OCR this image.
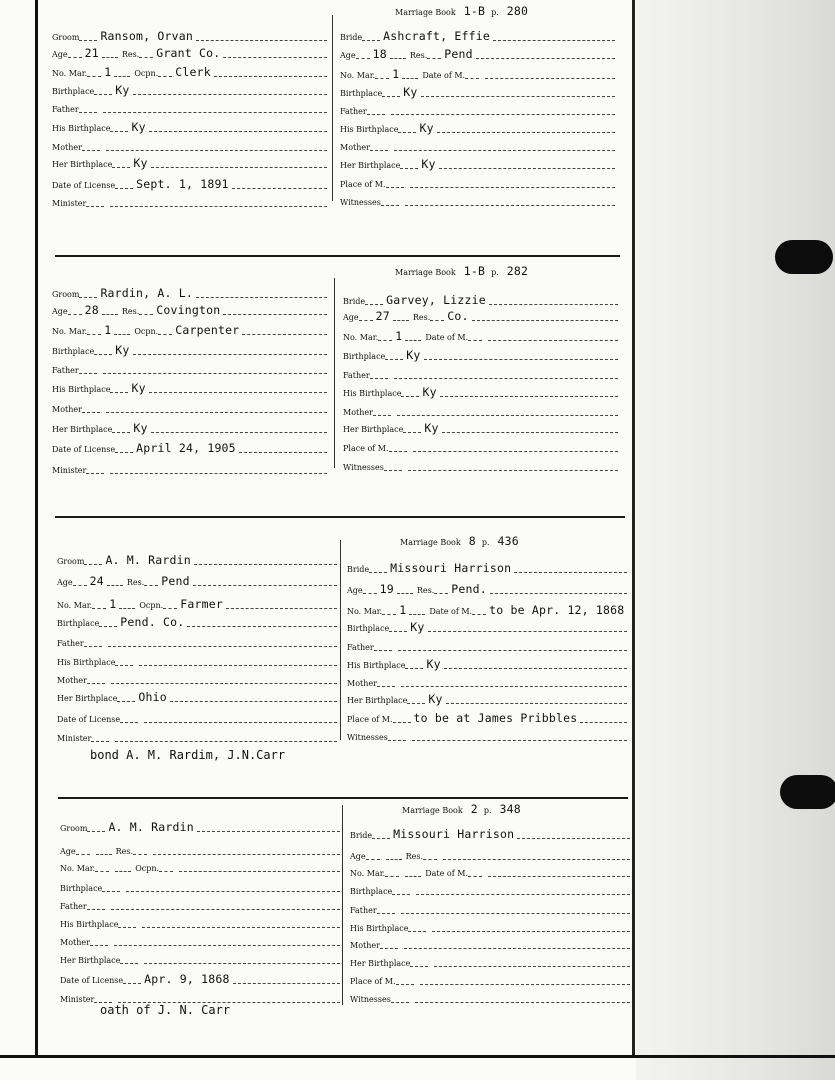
Groom Ransom, Orvan
Age 21	Res. Grant Co.
No. Mar. 1	Ocpn. Clerk
Birthplace Ky
Father
His Birthplace Ky
Mother
Her Birthplace Ky
Date of License Sept. 1, 1891
Minister
Bride Ashcraft, Effie
Age 18	Res. Pend
No. Mar. 1	Date of M.
Birthplace Ky
Father
His Birthplace Ky
Mother
Her Birthplace Ky
Place of M.
Witnesses
Marriage Book 1-B p. 280
Groom Rardin, A. L.
Age 28	Res. Covington
No. Mar. 1	Ocpn. Carpenter
Birthplace Ky
Father
His Birthplace Ky
Mother
Her Birthplace Ky
Date of License April 24, 1905
Minister
Bride Garvey, Lizzie
Age 27	Res. Co.
No. Mar. 1	Date of M.
Birthplace Ky
Father
His Birthplace Ky
Mother
Her Birthplace Ky
Place of M.
Witnesses
Marriage Book 1-B p. 282
Groom A. M. Rardin
Age 24	Res. Pend
No. Mar. 1	Ocpn. Farmer
Birthplace Pend. Co.
Father
His Birthplace
Mother
Her Birthplace Ohio
Date of License
Minister
Bride Missouri Harrison
Age 19	Res. Pend.
No. Mar. 1	Date of M. to be Apr. 12, 1868
Birthplace Ky
Father
His Birthplace Ky
Mother
Her Birthplace Ky
Place of M. to be at James Pribbles
Witnesses
Marriage Book 8 p. 436
bond A. M. Rardim, J.N.Carr
Groom A. M. Rardin
Age	Res.
No. Mar.	Ocpn.
Birthplace
Father
His Birthplace
Mother
Her Birthplace
Date of License Apr. 9, 1868
Minister
Bride Missouri Harrison
Age	Res.
No. Mar.	Date of M.
Birthplace
Father
His Birthplace
Mother
Her Birthplace
Place of M.
Witnesses
Marriage Book 2 p. 348
oath of J. N. Carr
